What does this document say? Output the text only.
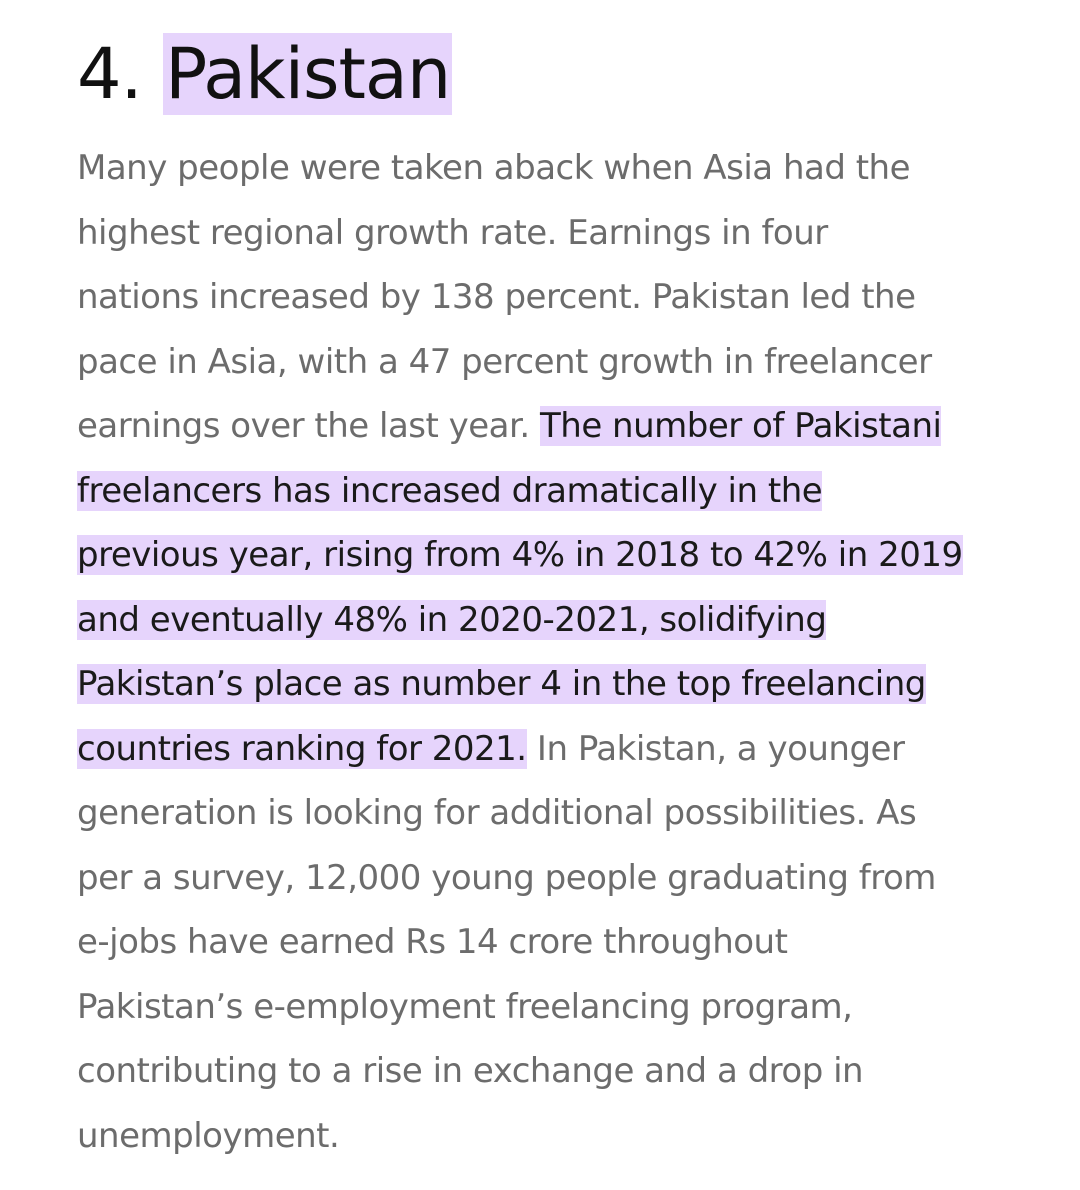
4. Pakistan
Many people were taken aback when Asia had the
highest regional growth rate. Earnings in four
nations increased by 138 percent. Pakistan led the
pace in Asia, with a 47 percent growth in freelancer
earnings over the last year. The number of Pakistani
freelancers has increased dramatically in the
previous year, rising from 4% in 2018 to 42% in 2019
and eventually 48% in 2020-2021, solidifying
Pakistan’s place as number 4 in the top freelancing
countries ranking for 2021. In Pakistan, a younger
generation is looking for additional possibilities. As
per a survey, 12,000 young people graduating from
e-jobs have earned Rs 14 crore throughout
Pakistan’s e-employment freelancing program,
contributing to a rise in exchange and a drop in
unemployment.
